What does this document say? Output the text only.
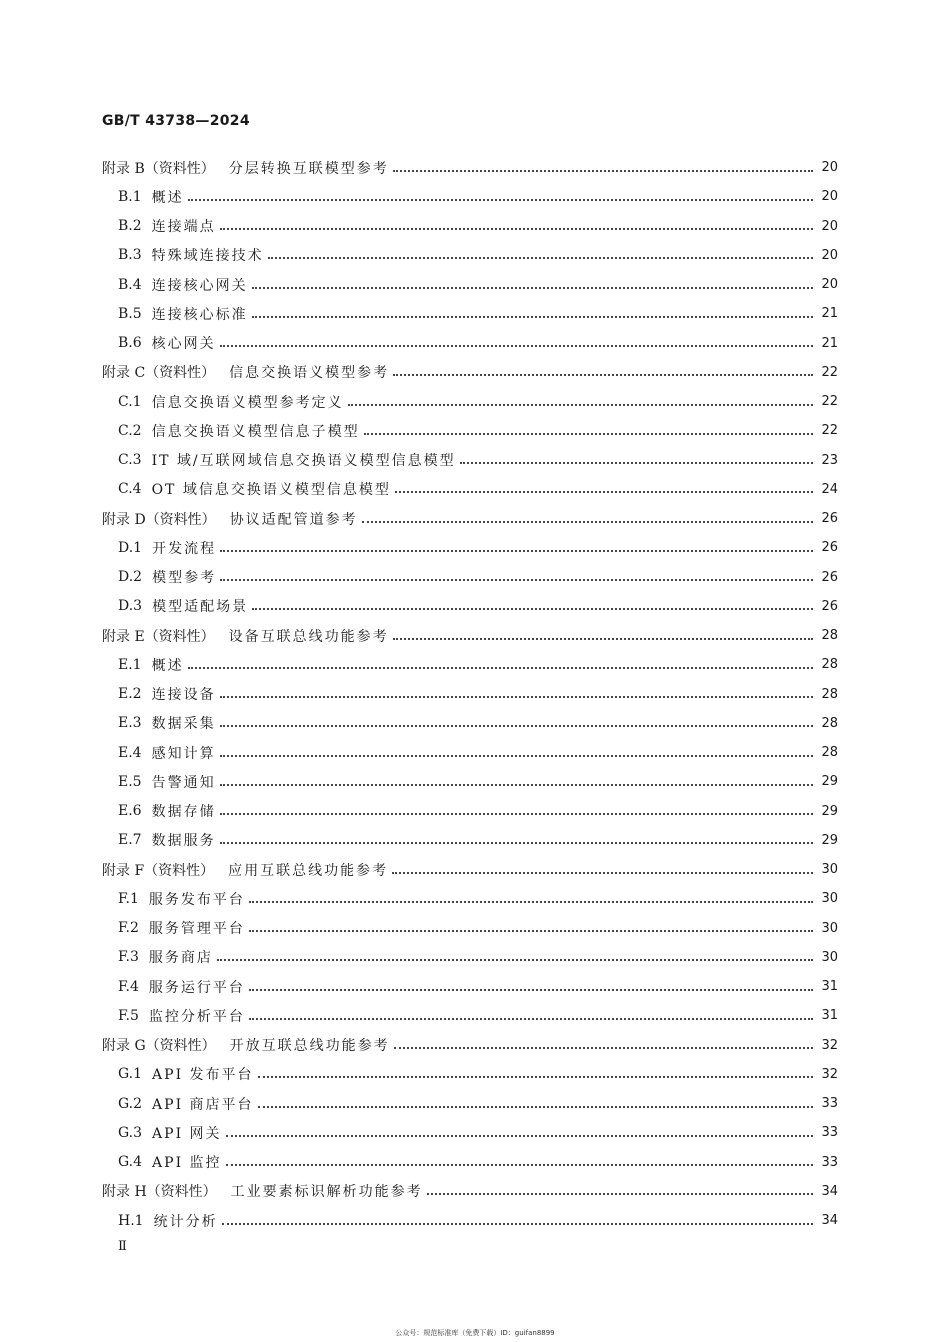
GB/T 43738—2024
附录 B（资料性） 分层转换互联模型参考	20
B.1 概述	20
B.2 连接端点	20
B.3 特殊域连接技术	20
B.4 连接核心网关	20
B.5 连接核心标准	21
B.6 核心网关	21
附录 C（资料性） 信息交换语义模型参考	22
C.1 信息交换语义模型参考定义	22
C.2 信息交换语义模型信息子模型	22
C.3 IT 域/互联网域信息交换语义模型信息模型	23
C.4 OT 域信息交换语义模型信息模型	24
附录 D（资料性） 协议适配管道参考	26
D.1 开发流程	26
D.2 模型参考	26
D.3 模型适配场景	26
附录 E（资料性） 设备互联总线功能参考	28
E.1 概述	28
E.2 连接设备	28
E.3 数据采集	28
E.4 感知计算	28
E.5 告警通知	29
E.6 数据存储	29
E.7 数据服务	29
附录 F（资料性） 应用互联总线功能参考	30
F.1 服务发布平台	30
F.2 服务管理平台	30
F.3 服务商店	30
F.4 服务运行平台	31
F.5 监控分析平台	31
附录 G（资料性） 开放互联总线功能参考	32
G.1 API 发布平台	32
G.2 API 商店平台	33
G.3 API 网关	33
G.4 API 监控	33
附录 H（资料性） 工业要素标识解析功能参考	34
H.1 统计分析	34
Ⅱ
公众号：规范标准库（免费下载）ID：guifan8899
